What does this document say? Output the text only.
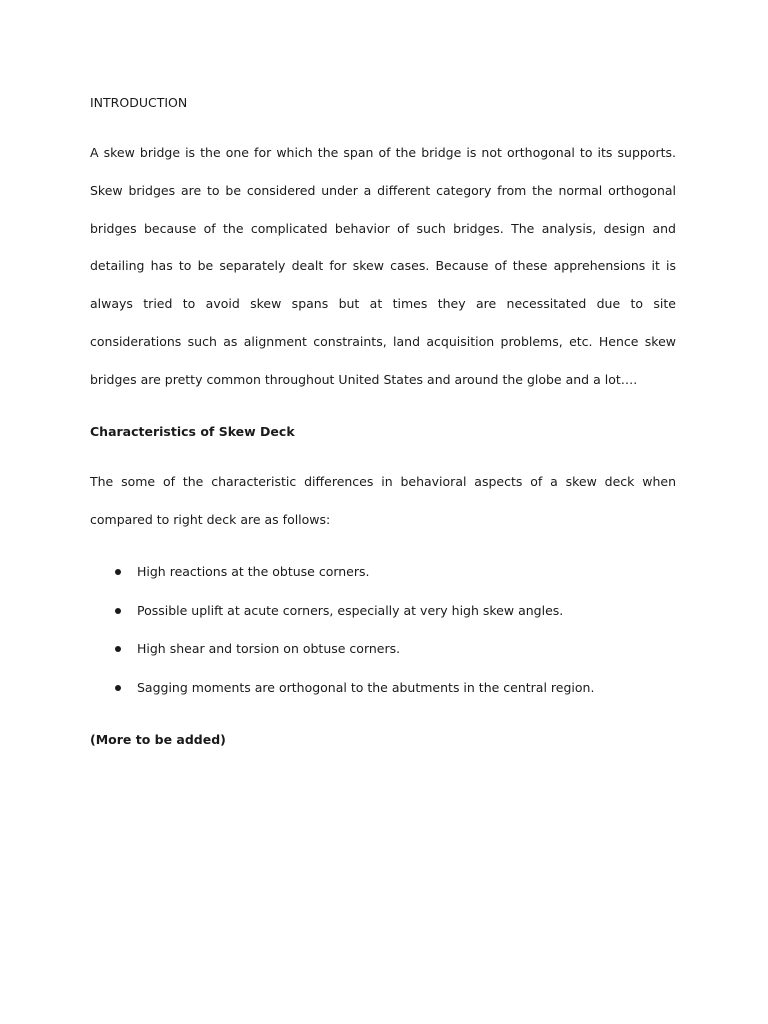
INTRODUCTION

A skew bridge is the one for which the span of the bridge is not orthogonal to its supports. Skew bridges are to be considered under a different category from the normal orthogonal bridges because of the complicated behavior of such bridges. The analysis, design and detailing has to be separately dealt for skew cases. Because of these apprehensions it is always tried to avoid skew spans but at times they are necessitated due to site considerations such as alignment constraints, land acquisition problems, etc. Hence skew bridges are pretty common throughout United States and around the globe and a lot….

Characteristics of Skew Deck

The some of the characteristic differences in behavioral aspects of a skew deck when compared to right deck are as follows:

High reactions at the obtuse corners.
Possible uplift at acute corners, especially at very high skew angles.
High shear and torsion on obtuse corners.
Sagging moments are orthogonal to the abutments in the central region.

(More to be added)
